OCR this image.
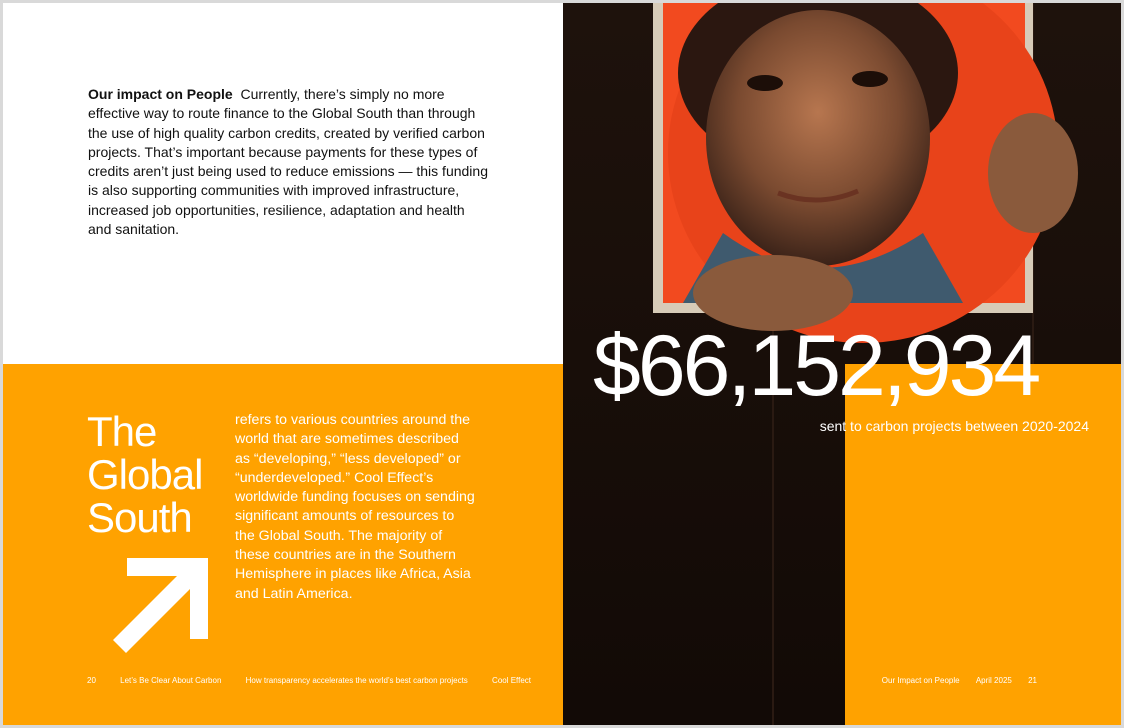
Our impact on People Currently, there’s simply no more effective way to route finance to the Global South than through the use of high quality carbon credits, created by verified carbon projects. That’s important because payments for these types of credits aren’t just being used to reduce emissions — this funding is also supporting communities with improved infrastructure, increased job opportunities, resilience, adaptation and health and sanitation.

The
Global
South
refers to various countries around the world that are sometimes described as “developing,” “less developed” or “underdeveloped.” Cool Effect’s worldwide funding focuses on sending significant amounts of resources to the Global South. The majority of these countries are in the Southern Hemisphere in places like Africa, Asia and Latin America.
20	Let’s Be Clear About Carbon	How transparency accelerates the world’s best carbon projects	Cool Effect
$66,152,934
sent to carbon projects between 2020-2024
Our Impact on People April 2025 21
